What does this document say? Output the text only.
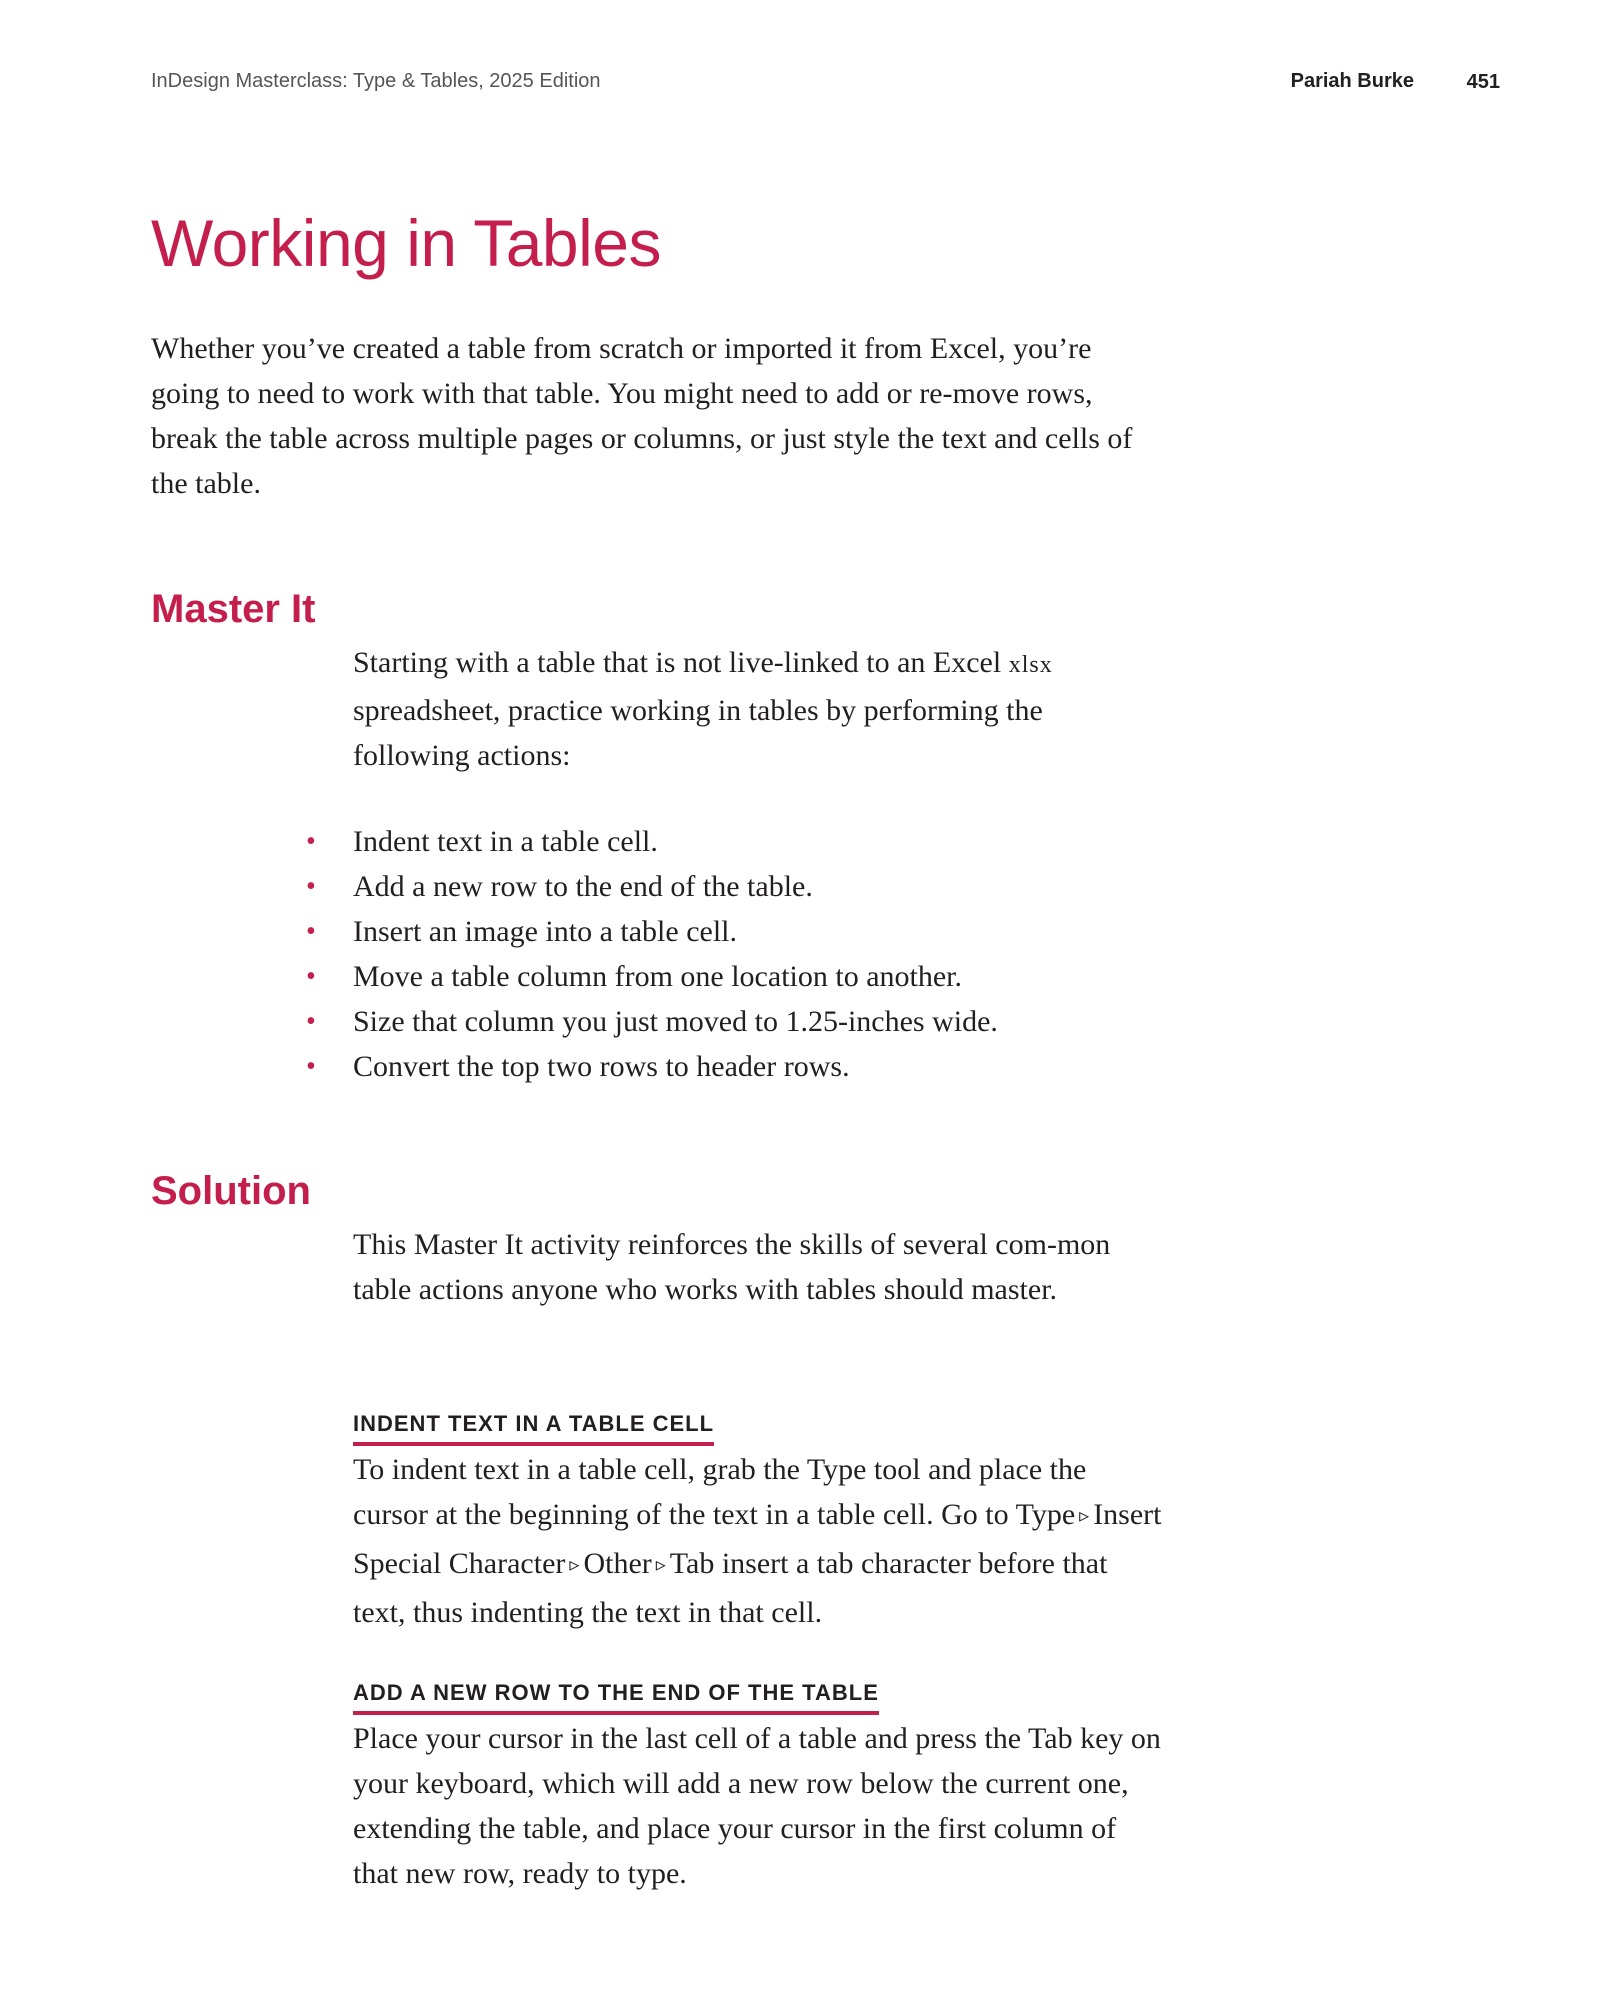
InDesign Masterclass: Type & Tables, 2025 Edition	Pariah Burke	451
Working in Tables

Whether you’ve created a table from scratch or imported it from Excel, you’re going to need to work with that table. You might need to add or re-move rows, break the table across multiple pages or columns, or just style the text and cells of the table.

Master It

Starting with a table that is not live-linked to an Excel xlsx spreadsheet, practice working in tables by performing the following actions:

• Indent text in a table cell.
• Add a new row to the end of the table.
• Insert an image into a table cell.
• Move a table column from one location to another.
• Size that column you just moved to 1.25-inches wide.
• Convert the top two rows to header rows.
Solution

This Master It activity reinforces the skills of several com-mon table actions anyone who works with tables should master.

INDENT TEXT IN A TABLE CELL

To indent text in a table cell, grab the Type tool and place the cursor at the beginning of the text in a table cell. Go to Type ▹ Insert Special Character ▹ Other ▹ Tab insert a tab character before that text, thus indenting the text in that cell.

ADD A NEW ROW TO THE END OF THE TABLE

Place your cursor in the last cell of a table and press the Tab key on your keyboard, which will add a new row below the current one, extending the table, and place your cursor in the first column of that new row, ready to type.
